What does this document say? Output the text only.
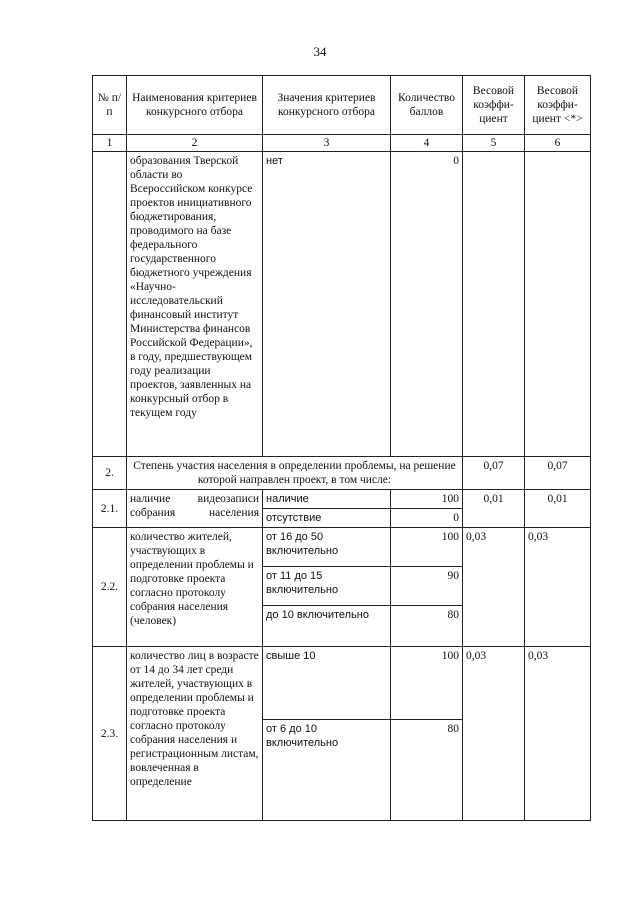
34
№ п/п	Наименования критериев конкурсного отбора	Значения критериев конкурсного отбора	Количество баллов	Весовой коэффи-циент	Весовой коэффи-циент <*>
1	2	3	4	5	6
	образования Тверской области во Всероссийском конкурсе проектов инициативного бюджетирования, проводимого на базе федерального государственного бюджетного учреждения «Научно-исследовательский финансовый институт Министерства финансов Российской Федерации», в году, предшествующем году реализации проектов, заявленных на конкурсный отбор в текущем году	нет	0		
2.	Степень участия населения в определении проблемы, на решение которой направлен проект, в том числе:			0,07	0,07
2.1.	наличие видеозаписи собрания населения	наличие	100	0,01	0,01
		отсутствие	0		
2.2.	количество жителей, участвующих в определении проблемы и подготовке проекта согласно протоколу собрания населения (человек)	от 16 до 50 включительно	100	0,03	0,03
		от 11 до 15 включительно	90		
		до 10 включительно	80		
2.3.	количество лиц в возрасте от 14 до 34 лет среди жителей, участвующих в определении проблемы и подготовке проекта согласно протоколу собрания населения и регистрационным листам, вовлеченная в определение	свыше 10	100	0,03	0,03
		от 6 до 10 включительно	80		
